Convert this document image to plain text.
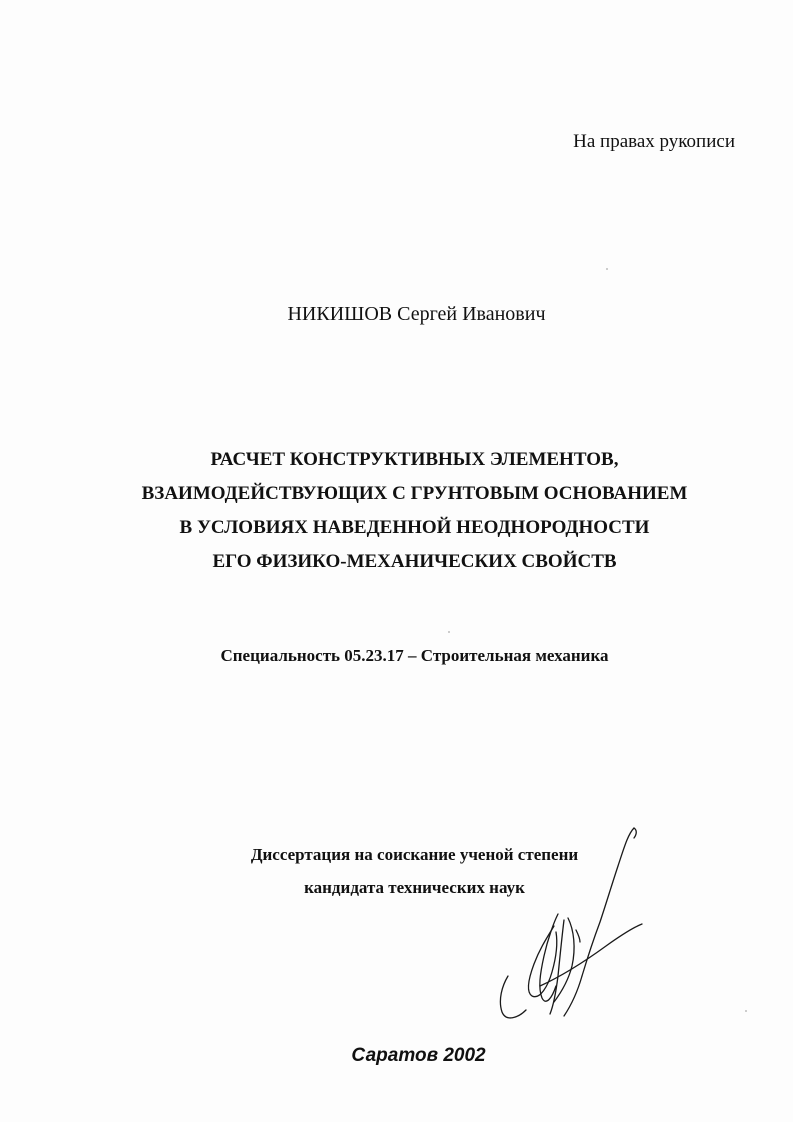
На правах рукописи
НИКИШОВ Сергей Иванович
РАСЧЕТ КОНСТРУКТИВНЫХ ЭЛЕМЕНТОВ,
ВЗАИМОДЕЙСТВУЮЩИХ С ГРУНТОВЫМ ОСНОВАНИЕМ
В УСЛОВИЯХ НАВЕДЕННОЙ НЕОДНОРОДНОСТИ
ЕГО ФИЗИКО-МЕХАНИЧЕСКИХ СВОЙСТВ
Специальность 05.23.17 – Строительная механика
Диссертация на соискание ученой степени
кандидата технических наук
Саратов 2002
